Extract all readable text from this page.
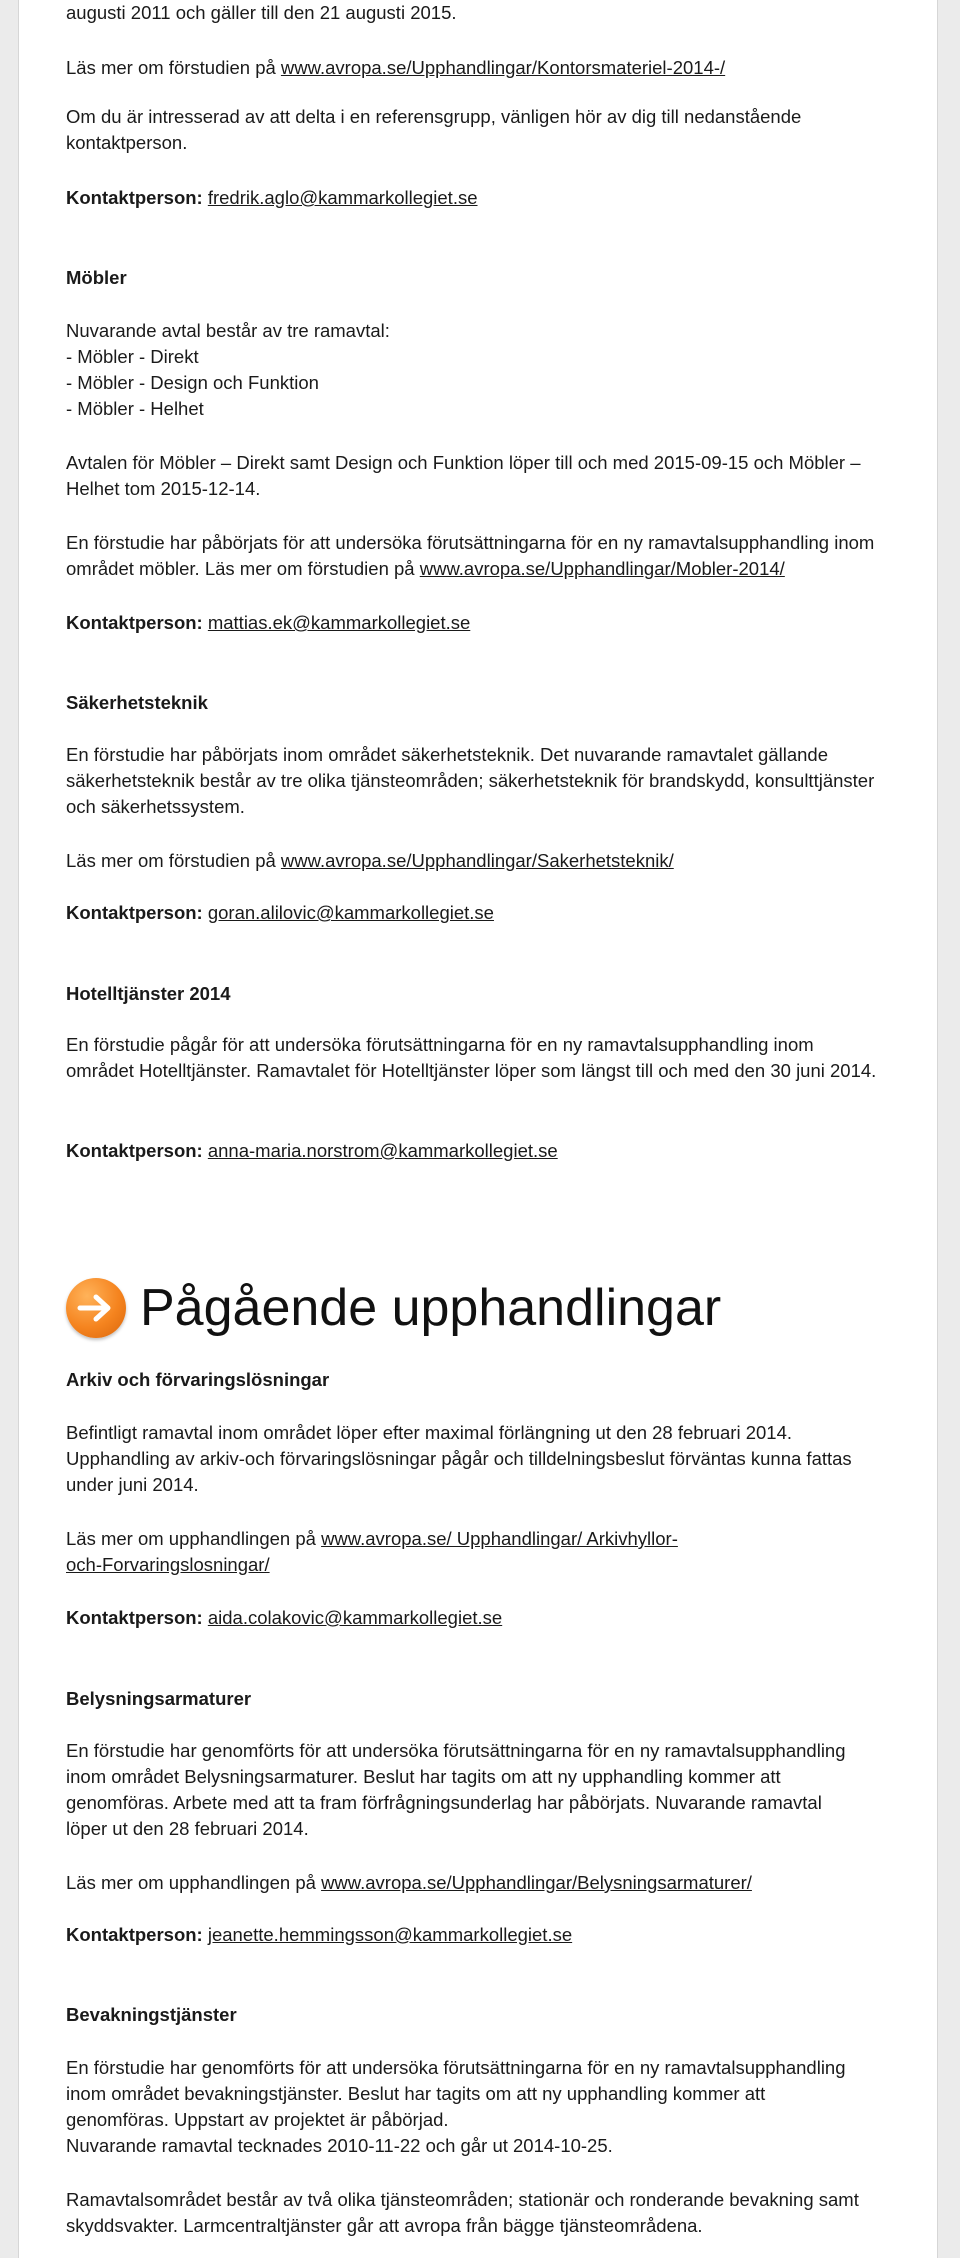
augusti 2011 och gäller till den 21 augusti 2015.

Läs mer om förstudien på www.avropa.se/Upphandlingar/Kontorsmateriel-2014-/

Om du är intresserad av att delta i en referensgrupp, vänligen hör av dig till nedanstående kontaktperson.

Kontaktperson: fredrik.aglo@kammarkollegiet.se

Möbler

Nuvarande avtal består av tre ramavtal:

- Möbler - Direkt

- Möbler - Design och Funktion

- Möbler - Helhet

Avtalen för Möbler – Direkt samt Design och Funktion löper till och med 2015-09-15 och Möbler – Helhet tom 2015-12-14.

En förstudie har påbörjats för att undersöka förutsättningarna för en ny ramavtalsupphandling inom området möbler. Läs mer om förstudien på www.avropa.se/Upphandlingar/Mobler-2014/

Kontaktperson: mattias.ek@kammarkollegiet.se

Säkerhetsteknik

En förstudie har påbörjats inom området säkerhetsteknik. Det nuvarande ramavtalet gällande säkerhetsteknik består av tre olika tjänsteområden; säkerhetsteknik för brandskydd, konsulttjänster och säkerhetssystem.

Läs mer om förstudien på www.avropa.se/Upphandlingar/Sakerhetsteknik/

Kontaktperson: goran.alilovic@kammarkollegiet.se

Hotelltjänster 2014

En förstudie pågår för att undersöka förutsättningarna för en ny ramavtalsupphandling inom området Hotelltjänster. Ramavtalet för Hotelltjänster löper som längst till och med den 30 juni 2014.

Kontaktperson: anna-maria.norstrom@kammarkollegiet.se

Arkiv och förvaringslösningar

Befintligt ramavtal inom området löper efter maximal förlängning ut den 28 februari 2014. Upphandling av arkiv-och förvaringslösningar pågår och tilldelningsbeslut förväntas kunna fattas under juni 2014.

Läs mer om upphandlingen på www.avropa.se/ Upphandlingar/ Arkivhyllor-

och-Forvaringslosningar/

Kontaktperson: aida.colakovic@kammarkollegiet.se

Belysningsarmaturer

En förstudie har genomförts för att undersöka förutsättningarna för en ny ramavtalsupphandling inom området Belysningsarmaturer. Beslut har tagits om att ny upphandling kommer att genomföras. Arbete med att ta fram förfrågningsunderlag har påbörjats. Nuvarande ramavtal löper ut den 28 februari 2014.

Läs mer om upphandlingen på www.avropa.se/Upphandlingar/Belysningsarmaturer/

Kontaktperson: jeanette.hemmingsson@kammarkollegiet.se

Bevakningstjänster

En förstudie har genomförts för att undersöka förutsättningarna för en ny ramavtalsupphandling inom området bevakningstjänster. Beslut har tagits om att ny upphandling kommer att genomföras. Uppstart av projektet är påbörjad.

Nuvarande ramavtal tecknades 2010-11-22 och går ut 2014-10-25.

Ramavtalsområdet består av två olika tjänsteområden; stationär och ronderande bevakning samt skyddsvakter. Larmcentraltjänster går att avropa från bägge tjänsteområdena.

Pågående upphandlingar
